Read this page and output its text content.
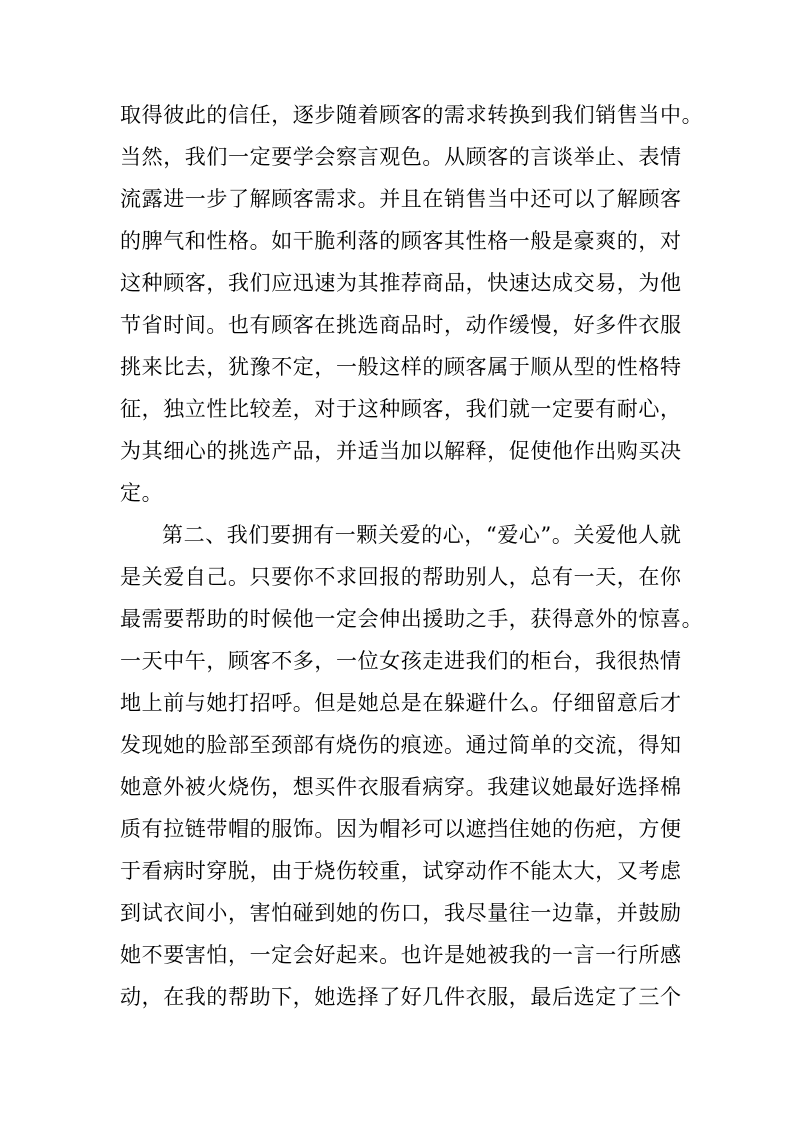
取得彼此的信任，逐步随着顾客的需求转换到我们销售当中。
当然，我们一定要学会察言观色。从顾客的言谈举止、表情
流露进一步了解顾客需求。并且在销售当中还可以了解顾客
的脾气和性格。如干脆利落的顾客其性格一般是豪爽的，对
这种顾客，我们应迅速为其推荐商品，快速达成交易，为他
节省时间。也有顾客在挑选商品时，动作缓慢，好多件衣服
挑来比去，犹豫不定，一般这样的顾客属于顺从型的性格特
征，独立性比较差，对于这种顾客，我们就一定要有耐心，
为其细心的挑选产品，并适当加以解释，促使他作出购买决
定。
第二、我们要拥有一颗关爱的心，“爱心”。关爱他人就
是关爱自己。只要你不求回报的帮助别人，总有一天，在你
最需要帮助的时候他一定会伸出援助之手，获得意外的惊喜。
一天中午，顾客不多，一位女孩走进我们的柜台，我很热情
地上前与她打招呼。但是她总是在躲避什么。仔细留意后才
发现她的脸部至颈部有烧伤的痕迹。通过简单的交流，得知
她意外被火烧伤，想买件衣服看病穿。我建议她最好选择棉
质有拉链带帽的服饰。因为帽衫可以遮挡住她的伤疤，方便
于看病时穿脱，由于烧伤较重，试穿动作不能太大，又考虑
到试衣间小，害怕碰到她的伤口，我尽量往一边靠，并鼓励
她不要害怕，一定会好起来。也许是她被我的一言一行所感
动，在我的帮助下，她选择了好几件衣服，最后选定了三个
